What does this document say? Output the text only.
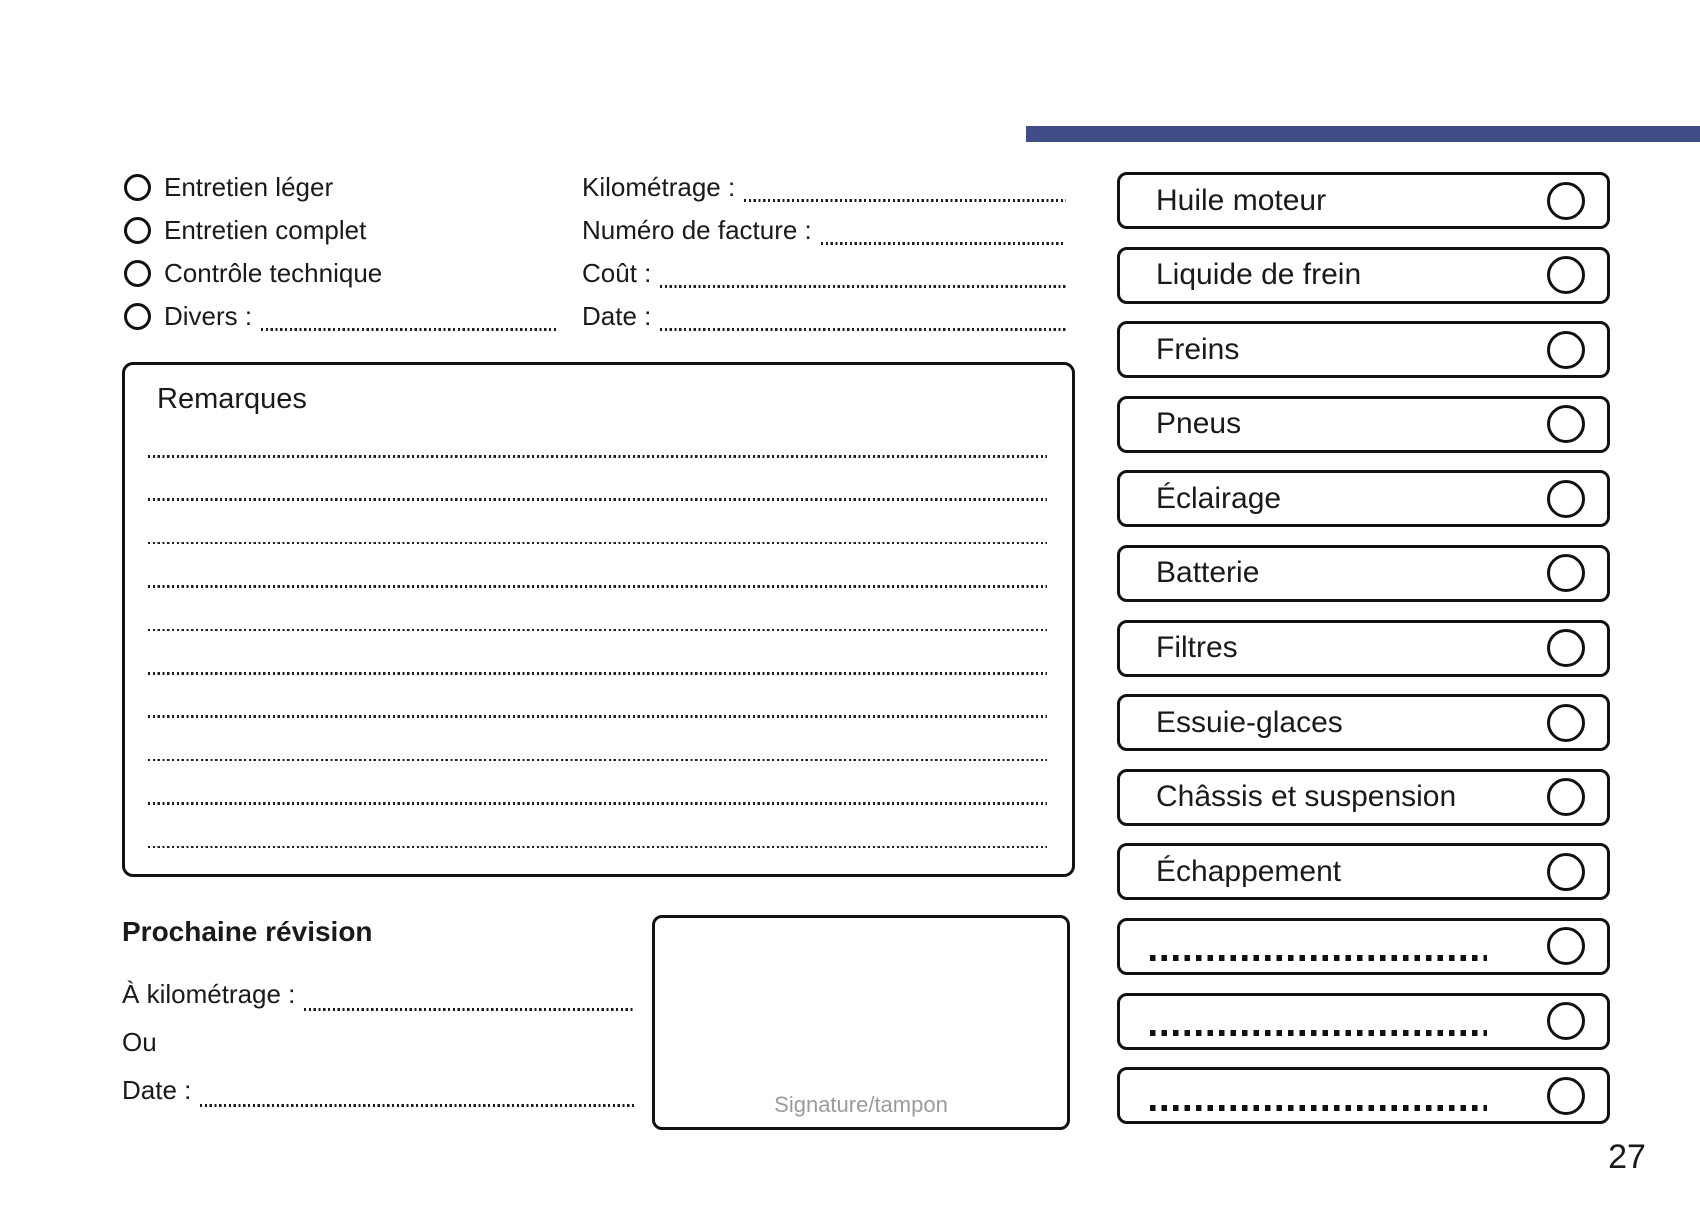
Entretien léger
Entretien complet
Contrôle technique
Divers :
Kilométrage :
Numéro de facture :
Coût :
Date :
Remarques
Prochaine révision
À kilométrage :
Ou
Date :	Signature/tampon
Huile moteur
Liquide de frein
Freins
Pneus
Éclairage
Batterie
Filtres
Essuie-glaces
Châssis et suspension
Échappement
27
